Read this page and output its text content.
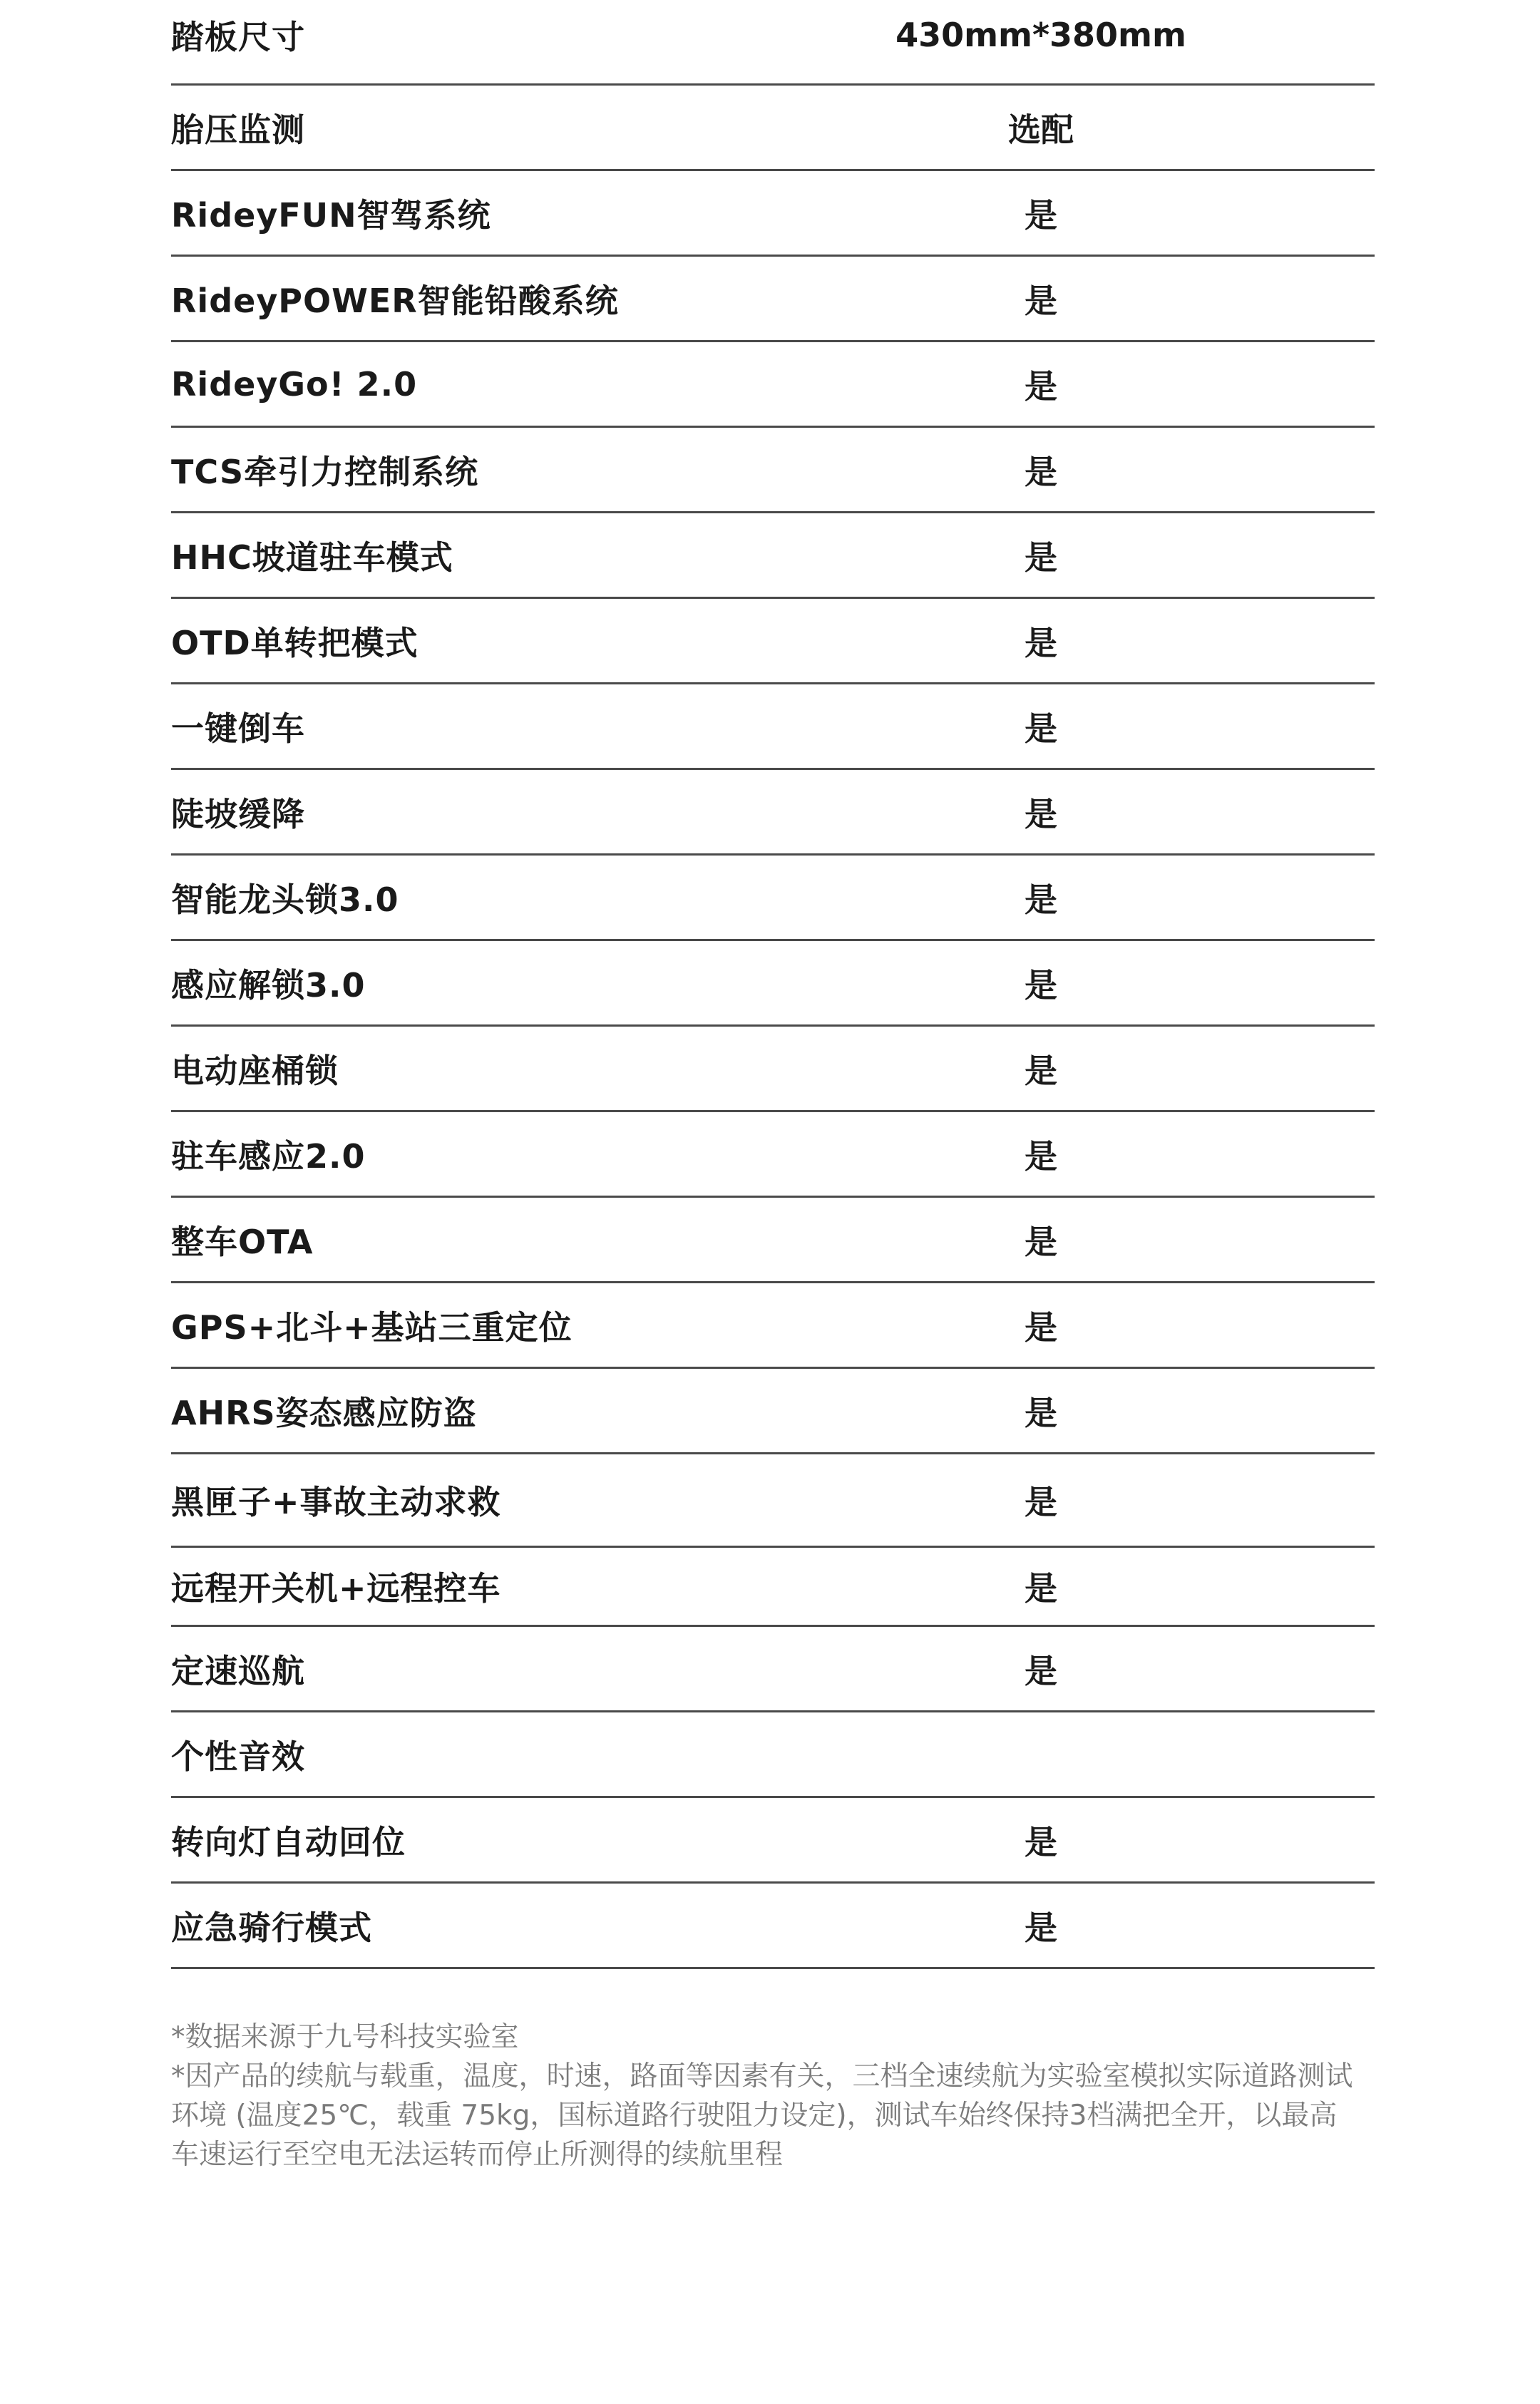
踏板尺寸	430mm*380mm
胎压监测	选配
RideyFUN智驾系统	是
RideyPOWER智能铅酸系统	是
RideyGo! 2.0	是
TCS牵引力控制系统	是
HHC坡道驻车模式	是
OTD单转把模式	是
一键倒车	是
陡坡缓降	是
智能龙头锁3.0	是
感应解锁3.0	是
电动座桶锁	是
驻车感应2.0	是
整车OTA	是
GPS+北斗+基站三重定位	是
AHRS姿态感应防盗	是
黑匣子+事故主动求救	是
远程开关机+远程控车	是
定速巡航	是
个性音效
转向灯自动回位	是
应急骑行模式	是

*数据来源于九号科技实验室

*因产品的续航与载重，温度，时速，路面等因素有关，三档全速续航为实验室模拟实际道路测试

环境 (温度25℃，载重 75kg，国标道路行驶阻力设定)，测试车始终保持3档满把全开，以最高

车速运行至空电无法运转而停止所测得的续航里程
